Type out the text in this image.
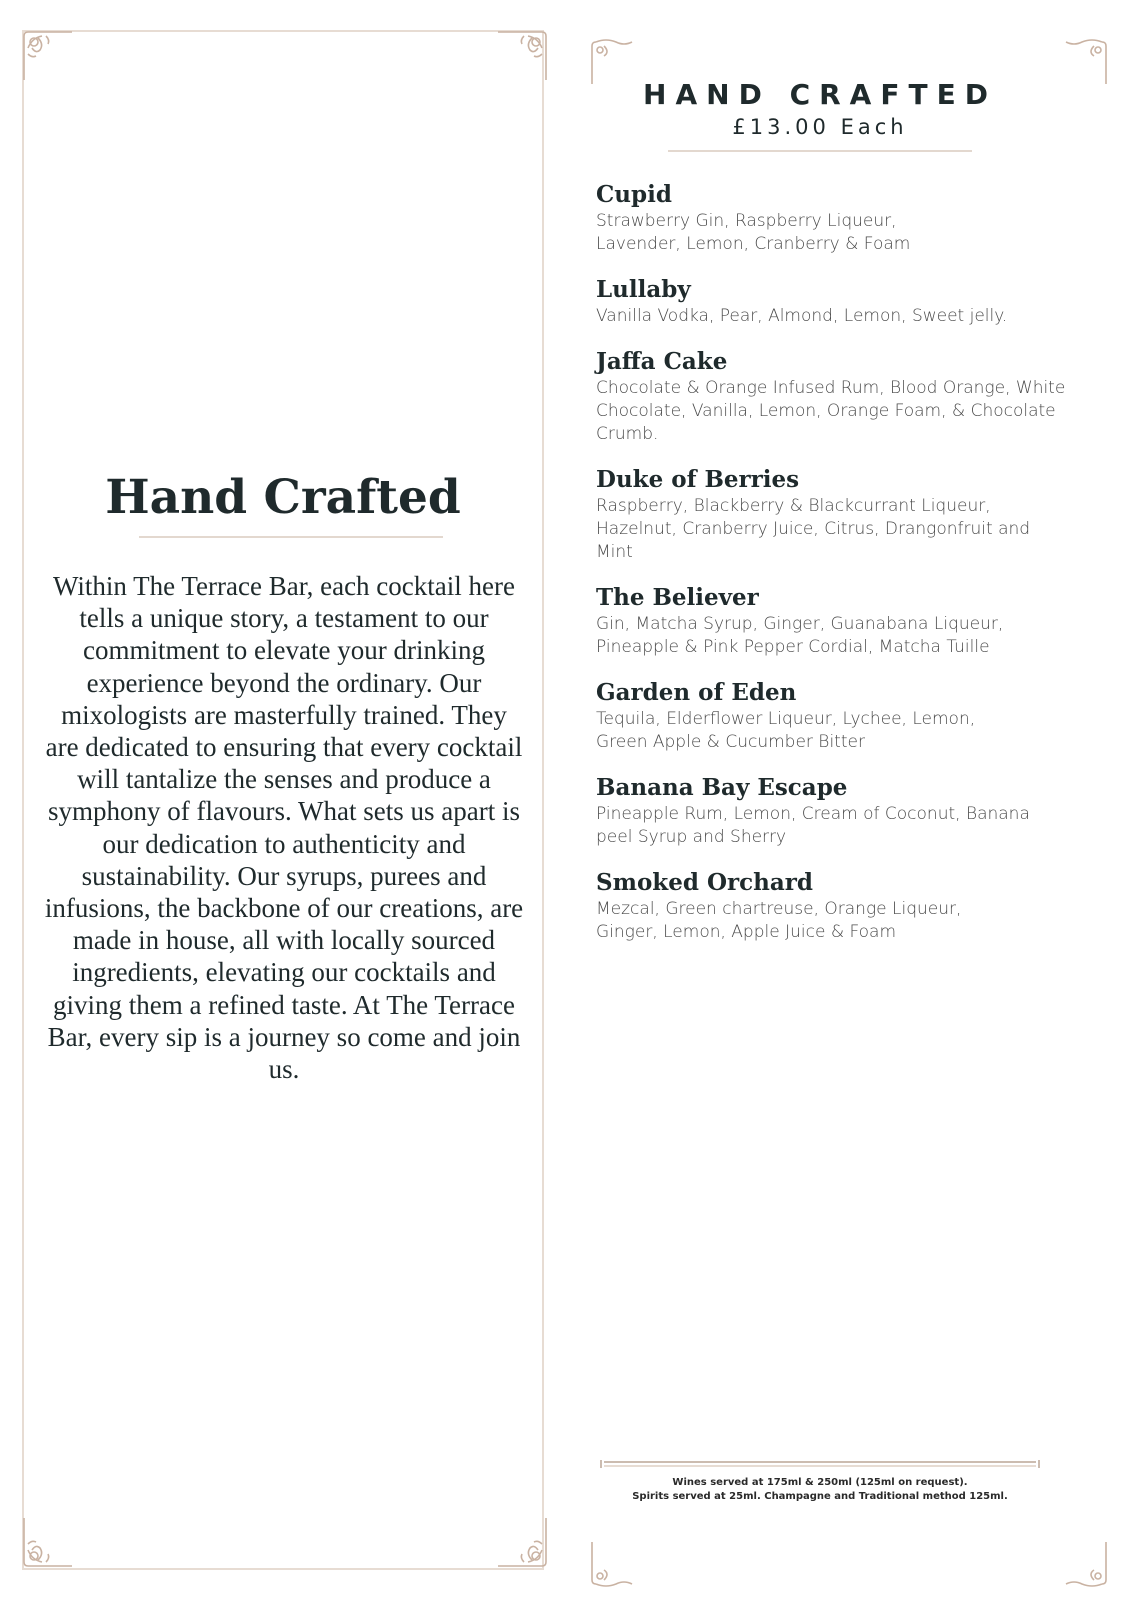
Hand Crafted

Within The Terrace Bar, each cocktail here tells a unique story, a testament to our commitment to elevate your drinking experience beyond the ordinary. Our mixologists are masterfully trained. They are dedicated to ensuring that every cocktail will tantalize the senses and produce a symphony of flavours. What sets us apart is our dedication to authenticity and sustainability. Our syrups, purees and infusions, the backbone of our creations, are made in house, all with locally sourced ingredients, elevating our cocktails and giving them a refined taste. At The Terrace Bar, every sip is a journey so come and join us.

HAND CRAFTED
£13.00 Each

Cupid

Strawberry Gin, Raspberry Liqueur, Lavender, Lemon, Cranberry & Foam

Lullaby

Vanilla Vodka, Pear, Almond, Lemon, Sweet jelly.

Jaffa Cake

Chocolate & Orange Infused Rum, Blood Orange, White Chocolate, Vanilla, Lemon, Orange Foam, & Chocolate Crumb.

Duke of Berries

Raspberry, Blackberry & Blackcurrant Liqueur, Hazelnut, Cranberry Juice, Citrus, Drangonfruit and Mint

The Believer

Gin, Matcha Syrup, Ginger, Guanabana Liqueur, Pineapple & Pink Pepper Cordial, Matcha Tuille

Garden of Eden

Tequila, Elderflower Liqueur, Lychee, Lemon, Green Apple & Cucumber Bitter

Banana Bay Escape

Pineapple Rum, Lemon, Cream of Coconut, Banana peel Syrup and Sherry

Smoked Orchard

Mezcal, Green chartreuse, Orange Liqueur, Ginger, Lemon, Apple Juice & Foam

Wines served at 175ml & 250ml (125ml on request).
Spirits served at 25ml. Champagne and Traditional method 125ml.
